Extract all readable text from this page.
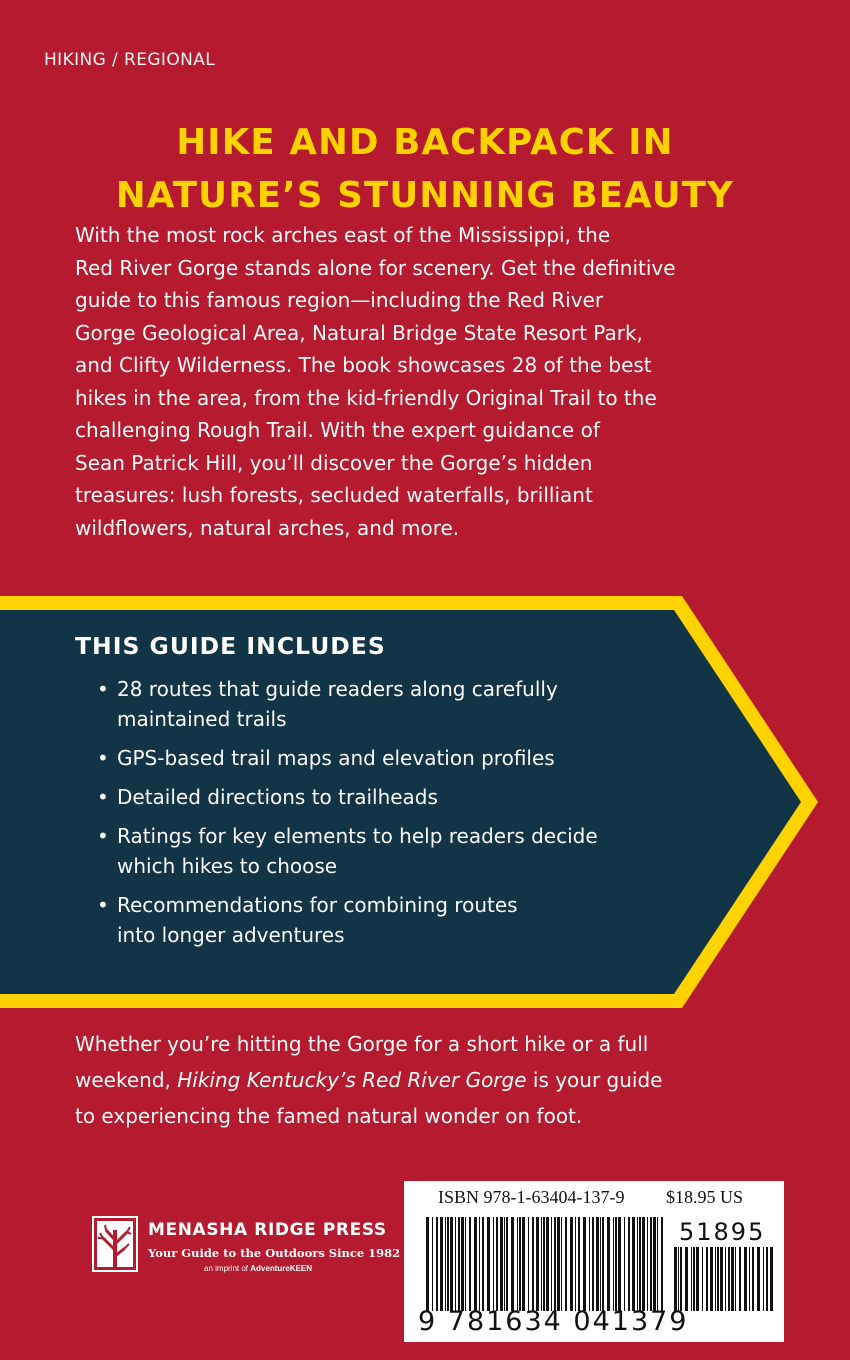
HIKING / REGIONAL
HIKE AND BACKPACK IN
NATURE’S STUNNING BEAUTY
With the most rock arches east of the Mississippi, the
Red River Gorge stands alone for scenery. Get the definitive
guide to this famous region—including the Red River
Gorge Geological Area, Natural Bridge State Resort Park,
and Clifty Wilderness. The book showcases 28 of the best
hikes in the area, from the kid-friendly Original Trail to the
challenging Rough Trail. With the expert guidance of
Sean Patrick Hill, you’ll discover the Gorge’s hidden
treasures: lush forests, secluded waterfalls, brilliant
wildflowers, natural arches, and more.
THIS GUIDE INCLUDES
• 28 routes that guide readers along carefully
maintained trails
• GPS-based trail maps and elevation profiles
• Detailed directions to trailheads
• Ratings for key elements to help readers decide
which hikes to choose
• Recommendations for combining routes
into longer adventures
Whether you’re hitting the Gorge for a short hike or a full
weekend, Hiking Kentucky’s Red River Gorge is your guide
to experiencing the famed natural wonder on foot.
MENASHA RIDGE PRESS
Your Guide to the Outdoors Since 1982
an imprint of AdventureKEEN
ISBN 978-1-63404-137-9 $18.95 US
51895
9 781634 041379
